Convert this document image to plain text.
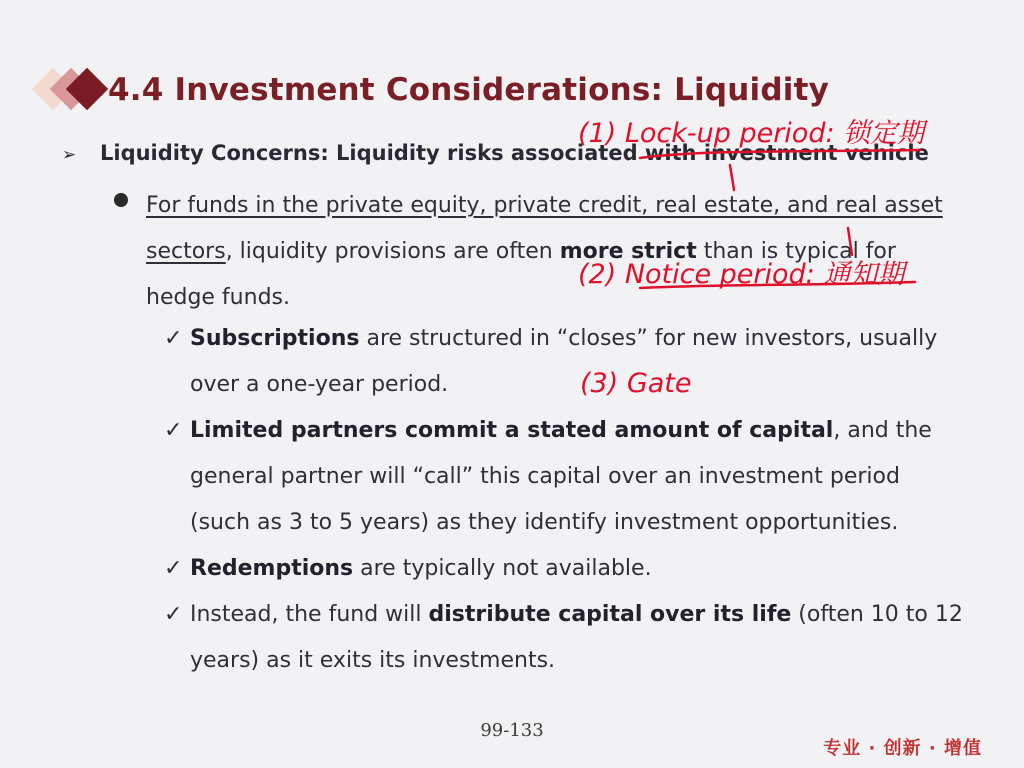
4.4 Investment Considerations: Liquidity
➢ Liquidity Concerns: Liquidity risks associated with investment vehicle
For funds in the private equity, private credit, real estate, and real asset sectors, liquidity provisions are often more strict than is typical for hedge funds.
✓ Subscriptions are structured in “closes” for new investors, usually
over a one-year period.
✓ Limited partners commit a stated amount of capital, and the
general partner will “call” this capital over an investment period
(such as 3 to 5 years) as they identify investment opportunities.
✓ Redemptions are typically not available.
✓ Instead, the fund will distribute capital over its life (often 10 to 12
years) as it exits its investments.
99-133
专业 · 创新 · 增值
(1) Lock-up period: 锁定期
(2) Notice period: 通知期
(3) Gate
